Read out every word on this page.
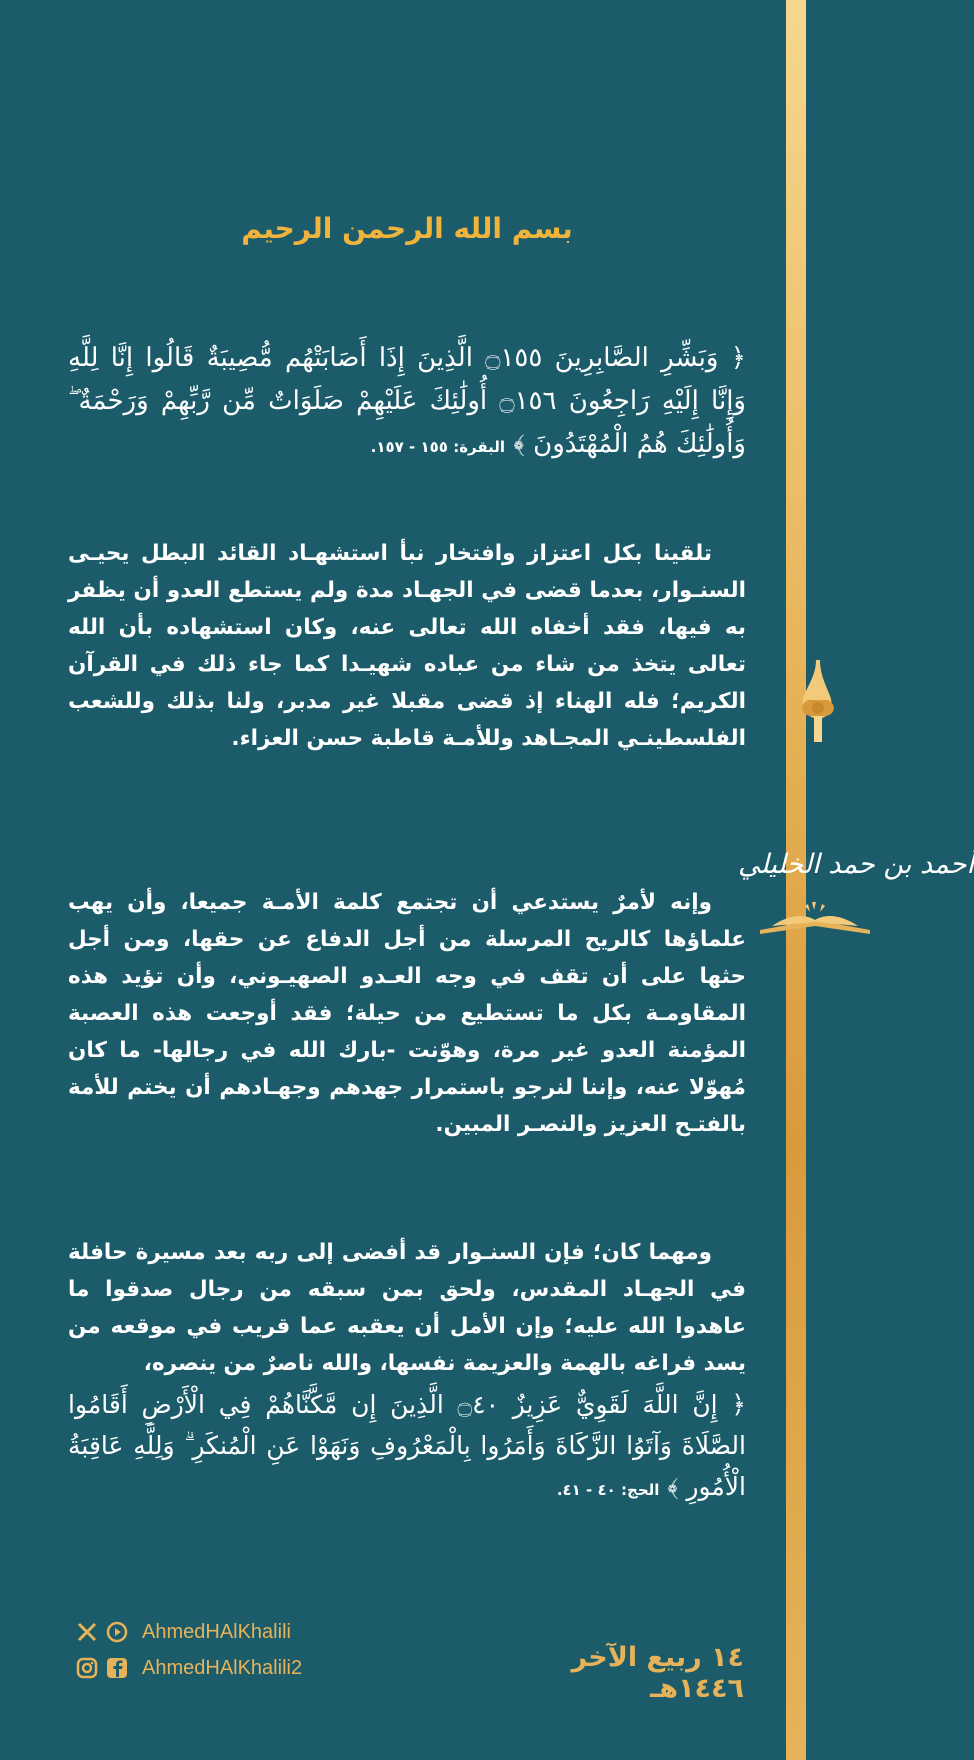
أحمد بن حمد الخليلي
بسم الله الرحمن الرحيم
﴿ وَبَشِّرِ الصَّابِرِينَ ۝١٥٥ الَّذِينَ إِذَا أَصَابَتْهُم مُّصِيبَةٌ قَالُوا إِنَّا لِلَّهِ وَإِنَّا إِلَيْهِ رَاجِعُونَ ۝١٥٦ أُولَٰئِكَ عَلَيْهِمْ صَلَوَاتٌ مِّن رَّبِّهِمْ وَرَحْمَةٌ ۖ وَأُولَٰئِكَ هُمُ الْمُهْتَدُونَ ﴾ البقرة: ١٥٥ - ١٥٧.
تلقينا بكل اعتزاز وافتخار نبأ استشهـاد القائد البطل يحيـى السنـوار، بعدما قضى في الجهـاد مدة ولم يستطع العدو أن يظفر به فيها، فقد أخفاه الله تعالى عنه، وكان استشهاده بأن الله تعالى يتخذ من شاء من عباده شهيـدا كما جاء ذلك في القرآن الكريم؛ فله الهناء إذ قضى مقبلا غير مدبر، ولنا بذلك وللشعب الفلسطينـي المجـاهد وللأمـة قاطبة حسن العزاء.
وإنه لأمرٌ يستدعي أن تجتمع كلمة الأمـة جميعا، وأن يهب علماؤها كالريح المرسلة من أجل الدفاع عن حقها، ومن أجل حثها على أن تقف في وجه العـدو الصهيـوني، وأن تؤيد هذه المقاومـة بكل ما تستطيع من حيلة؛ فقد أوجعت هذه العصبة المؤمنة العدو غير مرة، وهوّنت -بارك الله في رجالها- ما كان مُهوّلا عنه، وإننا لنرجو باستمرار جهدهم وجهـادهم أن يختم للأمة بالفتـح العزيز والنصـر المبين.
ومهما كان؛ فإن السنـوار قد أفضى إلى ربه بعد مسيرة حافلة في الجهـاد المقدس، ولحق بمن سبقه من رجال صدقوا ما عاهدوا الله عليه؛ وإن الأمل أن يعقبه عما قريب في موقعه من يسد فراغه بالهمة والعزيمة نفسها، والله ناصرٌ من ينصره،
﴿ إِنَّ اللَّهَ لَقَوِيٌّ عَزِيزٌ ۝٤٠ الَّذِينَ إِن مَّكَّنَّاهُمْ فِي الْأَرْضِ أَقَامُوا الصَّلَاةَ وَآتَوُا الزَّكَاةَ وَأَمَرُوا بِالْمَعْرُوفِ وَنَهَوْا عَنِ الْمُنكَرِ ۗ وَلِلَّهِ عَاقِبَةُ الْأُمُورِ ﴾ الحج: ٤٠ - ٤١.
AhmedHAlKhalili
AhmedHAlKhalili2	١٤ ربيع الآخر ١٤٤٦هـ
